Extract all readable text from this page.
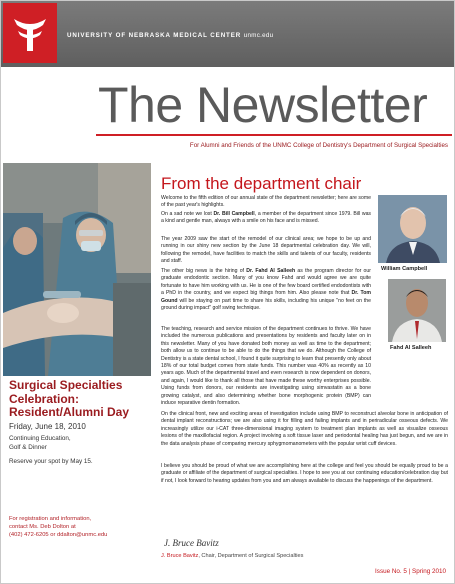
UNIVERSITY OF NEBRASKA MEDICAL CENTER unmc.edu
The Newsletter
For Alumni and Friends of the UNMC College of Dentistry's Department of Surgical Specialties
Surgical Specialties Celebration: Resident/Alumni Day
Friday, June 18, 2010
Continuing Education,
Golf & Dinner
Reserve your spot by May 15.
For registration and information,
contact Ms. Deb Dolton at
(402) 472-6205 or ddalton@unmc.edu
From the department chair

Welcome to the fifth edition of our annual state of the department newsletter; here are some of the past year's highlights.

On a sad note we lost Dr. Bill Campbell, a member of the department since 1979. Bill was a kind and gentle man, always with a smile on his face and is missed.

The year 2009 saw the start of the remodel of our clinical area; we hope to be up and running in our shiny new section by the June 18 departmental celebration day. We will, following the remodel, have facilities to match the skills and talents of our faculty, residents and staff.

The other big news is the hiring of Dr. Fahd Al Salleeh as the program director for our graduate endodontic section. Many of you know Fahd and would agree we are quite fortunate to have him working with us. He is one of the few board certified endodontists with a PhD in the country, and we expect big things from him. Also please note that Dr. Tom Gound will be staying on part time to share his skills, including his unique "no feet on the ground during impact" golf swing technique.

The teaching, research and service mission of the department continues to thrive. We have included the numerous publications and presentations by residents and faculty later on in this newsletter. Many of you have donated both money as well as time to the department; both allow us to continue to be able to do the things that we do. Although the College of Dentistry is a state dental school, I found it quite surprising to learn that presently only about 18% of our total budget comes from state funds. This number was 40% as recently as 10 years ago. Much of the departmental travel and even research is now dependent on donors, and again, I would like to thank all those that have made these worthy enterprises possible. Using funds from donors, our residents are investigating using simvastatin as a bone growing catalyst, and also determining whether bone morphogenic protein (BMP) can induce reparative dentin formation.

On the clinical front, new and exciting areas of investigation include using BMP to reconstruct alveolar bone in anticipation of dental implant reconstructions; we are also using it for filling and failing implants and in periradicular osseous defects. We increasingly utilize our i-CAT three-dimensional imaging system to treatment plan implants as well as visualize osseous lesions of the maxillofacial region. A project involving a soft tissue laser and periodontal healing has just begun, and we are in the data analysis phase of comparing mercury sphygmomanometers with the popular wrist cuff devices.

I believe you should be proud of what we are accomplishing here at the college and feel you should be equally proud to be a graduate or affiliate of the department of surgical specialties. I hope to see you at our continuing education/celebration day but if not, I look forward to hearing updates from you and am always available to discuss the happenings of the department.

William Campbell
Fahd Al Salleeh
J. Bruce Bavitz
J. Bruce Bavitz, Chair, Department of Surgical Specialties
Issue No. 5 | Spring 2010
